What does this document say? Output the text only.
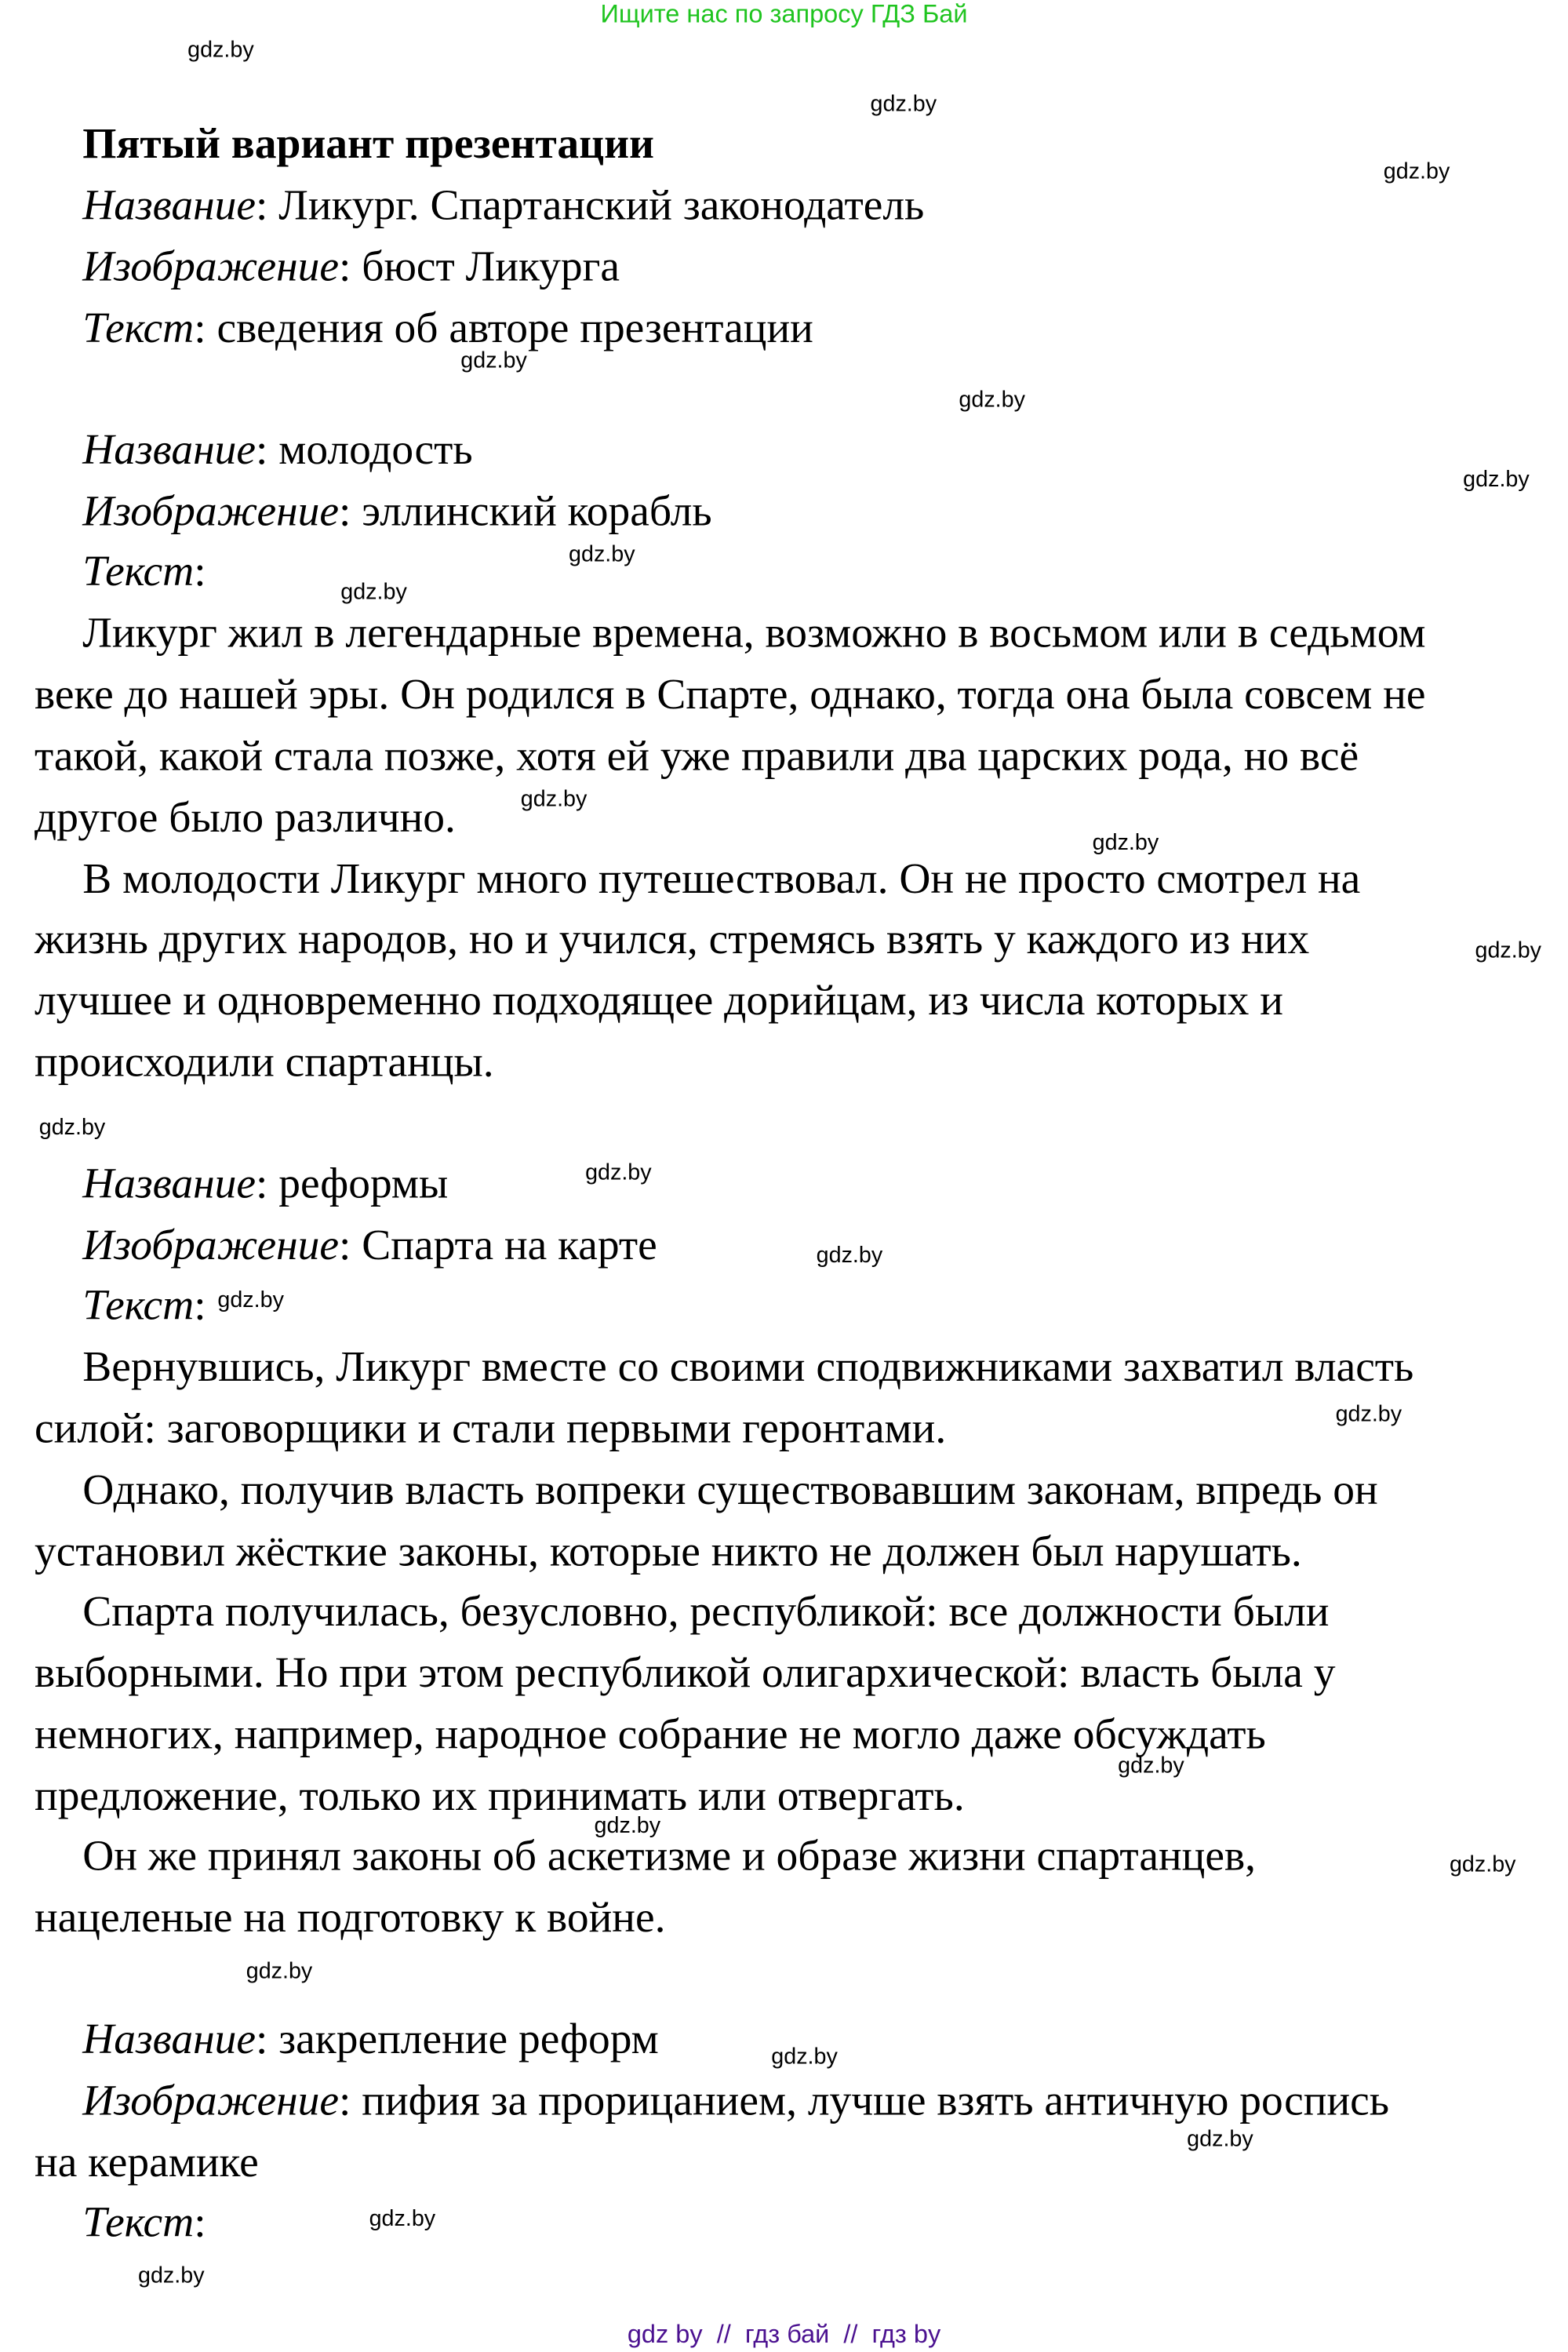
Ищите нас по запросу ГДЗ Бай
Пятый вариант презентации
Название: Ликург. Спартанский законодатель
Изображение: бюст Ликурга
Текст: сведения об авторе презентации
Название: молодость
Изображение: эллинский корабль
Текст:
Ликург жил в легендарные времена, возможно в восьмом или в седьмом
веке до нашей эры. Он родился в Спарте, однако, тогда она была совсем не
такой, какой стала позже, хотя ей уже правили два царских рода, но всё
другое было различно.
В молодости Ликург много путешествовал. Он не просто смотрел на
жизнь других народов, но и учился, стремясь взять у каждого из них
лучшее и одновременно подходящее дорийцам, из числа которых и
происходили спартанцы.
Название: реформы
Изображение: Спарта на карте
Текст:
Вернувшись, Ликург вместе со своими сподвижниками захватил власть
силой: заговорщики и стали первыми геронтами.
Однако, получив власть вопреки существовавшим законам, впредь он
установил жёсткие законы, которые никто не должен был нарушать.
Спарта получилась, безусловно, республикой: все должности были
выборными. Но при этом республикой олигархической: власть была у
немногих, например, народное собрание не могло даже обсуждать
предложение, только их принимать или отвергать.
Он же принял законы об аскетизме и образе жизни спартанцев,
нацеленые на подготовку к войне.
Название: закрепление реформ
Изображение: пифия за прорицанием, лучше взять античную роспись
на керамике
Текст:
gdz.by
gdz.by
gdz.by
gdz.by
gdz.by
gdz.by
gdz.by
gdz.by
gdz.by
gdz.by
gdz.by
gdz.by
gdz.by
gdz.by
gdz.by
gdz.by
gdz.by
gdz.by
gdz.by
gdz.by
gdz.by
gdz.by
gdz.by
gdz.by
gdz by  //  гдз бай  //  гдз by
